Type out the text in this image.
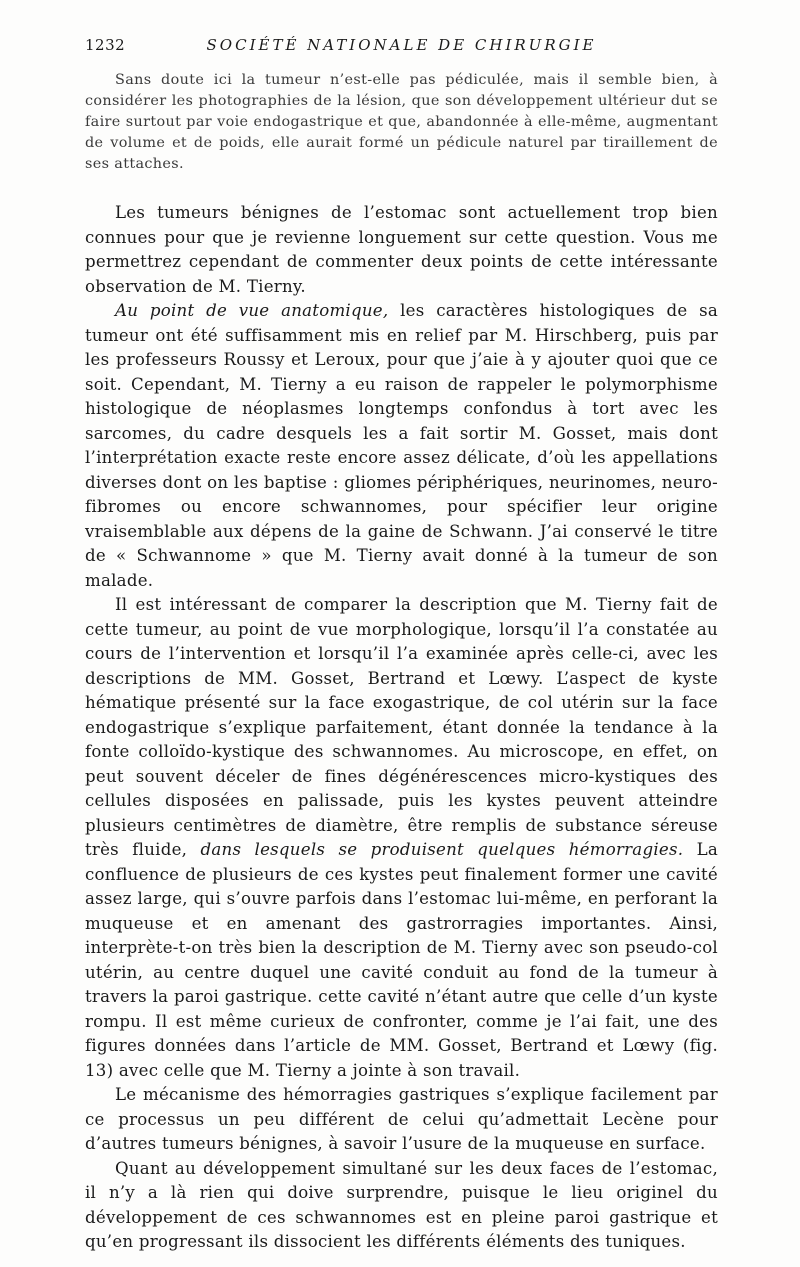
1232	SOCIÉTÉ NATIONALE DE CHIRURGIE

Sans doute ici la tumeur n’est-elle pas pédiculée, mais il semble bien, à considérer les photographies de la lésion, que son développement ultérieur dut se faire surtout par voie endogastrique et que, abandonnée à elle-même, augmentant de volume et de poids, elle aurait formé un pédicule naturel par tiraillement de ses attaches.

Les tumeurs bénignes de l’estomac sont actuellement trop bien connues pour que je revienne longuement sur cette question. Vous me permettrez cependant de commenter deux points de cette intéressante observation de M. Tierny.

Au point de vue anatomique, les caractères histologiques de sa tumeur ont été suffisamment mis en relief par M. Hirschberg, puis par les professeurs Roussy et Leroux, pour que j’aie à y ajouter quoi que ce soit. Cependant, M. Tierny a eu raison de rappeler le polymorphisme histologique de néoplasmes longtemps confondus à tort avec les sarcomes, du cadre desquels les a fait sortir M. Gosset, mais dont l’interprétation exacte reste encore assez délicate, d’où les appellations diverses dont on les baptise : gliomes périphériques, neurinomes, neuro-fibromes ou encore schwannomes, pour spécifier leur origine vraisemblable aux dépens de la gaine de Schwann. J’ai conservé le titre de « Schwannome » que M. Tierny avait donné à la tumeur de son malade.

Il est intéressant de comparer la description que M. Tierny fait de cette tumeur, au point de vue morphologique, lorsqu’il l’a constatée au cours de l’intervention et lorsqu’il l’a examinée après celle-ci, avec les descriptions de MM. Gosset, Bertrand et Lœwy. L’aspect de kyste hématique présenté sur la face exogastrique, de col utérin sur la face endogastrique s’explique parfaitement, étant donnée la tendance à la fonte colloïdo-kystique des schwannomes. Au microscope, en effet, on peut souvent déceler de fines dégénérescences micro-kystiques des cellules disposées en palissade, puis les kystes peuvent atteindre plusieurs centimètres de diamètre, être remplis de substance séreuse très fluide, dans lesquels se produisent quelques hémorragies. La confluence de plusieurs de ces kystes peut finalement former une cavité assez large, qui s’ouvre parfois dans l’estomac lui-même, en perforant la muqueuse et en amenant des gastrorragies importantes. Ainsi, interprète-t-on très bien la description de M. Tierny avec son pseudo-col utérin, au centre duquel une cavité conduit au fond de la tumeur à travers la paroi gastrique. cette cavité n’étant autre que celle d’un kyste rompu. Il est même curieux de confronter, comme je l’ai fait, une des figures données dans l’article de MM. Gosset, Bertrand et Lœwy (fig. 13) avec celle que M. Tierny a jointe à son travail.

Le mécanisme des hémorragies gastriques s’explique facilement par ce processus un peu différent de celui qu’admettait Lecène pour d’autres tumeurs bénignes, à savoir l’usure de la muqueuse en surface.

Quant au développement simultané sur les deux faces de l’estomac, il n’y a là rien qui doive surprendre, puisque le lieu originel du développement de ces schwannomes est en pleine paroi gastrique et qu’en progressant ils dissocient les différents éléments des tuniques.
